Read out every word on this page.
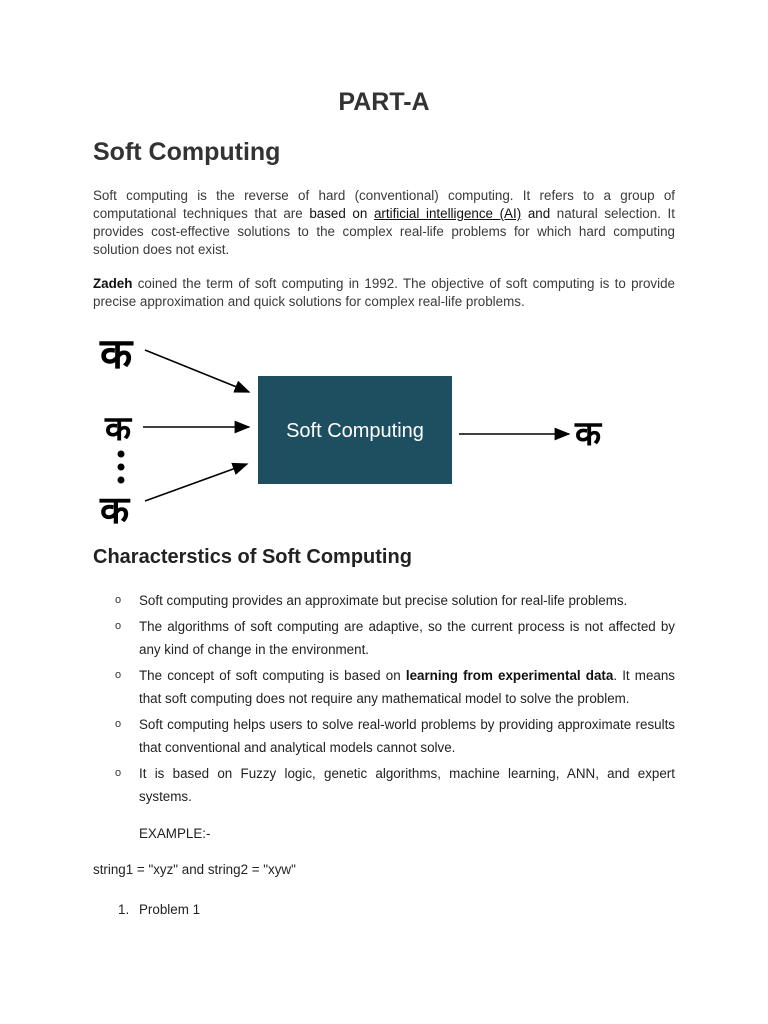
PART-A
Soft Computing
Soft computing is the reverse of hard (conventional) computing. It refers to a group of computational techniques that are based on artificial intelligence (AI) and natural selection. It provides cost-effective solutions to the complex real-life problems for which hard computing solution does not exist.
Zadeh coined the term of soft computing in 1992. The objective of soft computing is to provide precise approximation and quick solutions for complex real-life problems.
क
क
क
Soft Computing	क
Characterstics of Soft Computing
o Soft computing provides an approximate but precise solution for real-life problems.
o The algorithms of soft computing are adaptive, so the current process is not affected by any kind of change in the environment.
o The concept of soft computing is based on learning from experimental data. It means that soft computing does not require any mathematical model to solve the problem.
o Soft computing helps users to solve real-world problems by providing approximate results that conventional and analytical models cannot solve.
o It is based on Fuzzy logic, genetic algorithms, machine learning, ANN, and expert systems.
EXAMPLE:-
string1 = "xyz" and string2 = "xyw"
1. Problem 1
